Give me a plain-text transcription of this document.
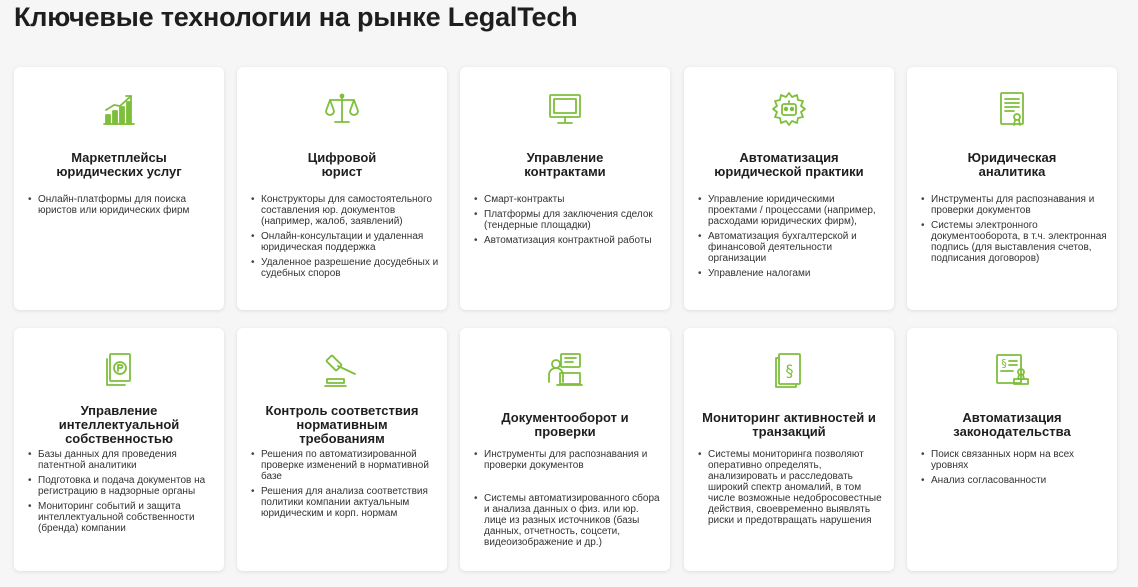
Ключевые технологии на рынке LegalTech
Маркетплейсы
юридических услуг
• Онлайн-платформы для поиска юристов или юридических фирм
Цифровой
юрист
• Конструкторы для самостоятельного составления юр. документов (например, жалоб, заявлений)
• Онлайн-консультации и удаленная юридическая поддержка
• Удаленное разрешение досудебных и судебных споров
Управление
контрактами
• Смарт-контракты
• Платформы для заключения сделок (тендерные площадки)
• Автоматизация контрактной работы
Автоматизация
юридической практики
• Управление юридическими проектами / процессами (например, расходами юридических фирм),
• Автоматизация бухгалтерской и финансовой деятельности организации
• Управление налогами
Юридическая
аналитика
• Инструменты для распознавания и проверки документов
• Системы электронного документооборота, в т.ч. электронная подпись (для выставления счетов, подписания договоров)
Управление интеллектуальной
собственностью
• Базы данных для проведения патентной аналитики
• Подготовка и подача документов на регистрацию в надзорные органы
• Мониторинг событий и защита интеллектуальной собственности (бренда) компании
Контроль соответствия
нормативным
требованиям
• Решения по автоматизированной проверке изменений в нормативной базе
• Решения для анализа соответствия политики компании актуальным юридическим и корп. нормам
Документооборот и
проверки
• Инструменты для распознавания и проверки документов
• Системы автоматизированного сбора и анализа данных о физ. или юр. лице из разных источников (базы данных, отчетность, соцсети, видеоизображение и др.)
§
Мониторинг активностей и
транзакций
• Системы мониторинга позволяют оперативно определять, анализировать и расследовать широкий спектр аномалий, в том числе возможные недобросовестные действия, своевременно выявлять риски и предотвращать нарушения
§
Автоматизация законодательства
• Поиск связанных норм на всех уровнях
• Анализ согласованности
